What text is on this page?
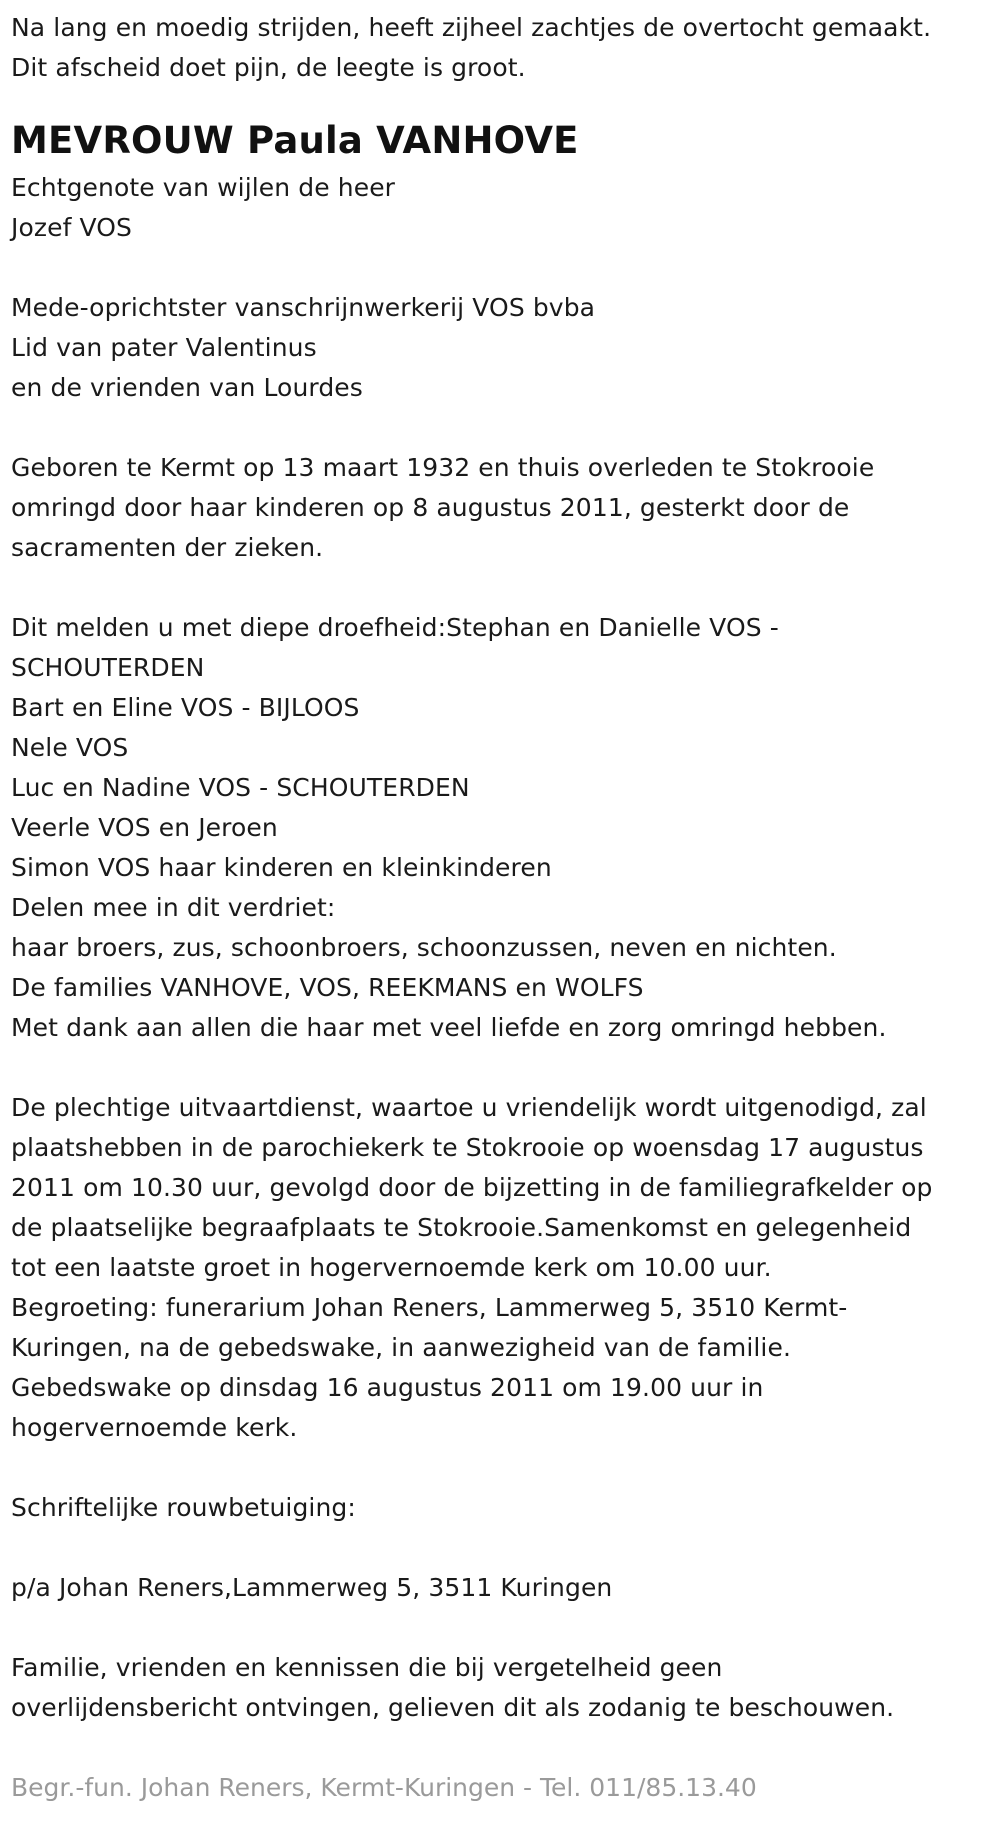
Na lang en moedig strijden, heeft zijheel zachtjes de overtocht gemaakt.
Dit afscheid doet pijn, de leegte is groot.
MEVROUW Paula VANHOVE
Echtgenote van wijlen de heer
Jozef VOS
Mede-oprichtster vanschrijnwerkerij VOS bvba
Lid van pater Valentinus
en de vrienden van Lourdes
Geboren te Kermt op 13 maart 1932 en thuis overleden te Stokrooie
omringd door haar kinderen op 8 augustus 2011, gesterkt door de
sacramenten der zieken.
Dit melden u met diepe droefheid:Stephan en Danielle VOS -
SCHOUTERDEN
Bart en Eline VOS - BIJLOOS
Nele VOS
Luc en Nadine VOS - SCHOUTERDEN
Veerle VOS en Jeroen
Simon VOS haar kinderen en kleinkinderen
Delen mee in dit verdriet:
haar broers, zus, schoonbroers, schoonzussen, neven en nichten.
De families VANHOVE, VOS, REEKMANS en WOLFS
Met dank aan allen die haar met veel liefde en zorg omringd hebben.
De plechtige uitvaartdienst, waartoe u vriendelijk wordt uitgenodigd, zal
plaatshebben in de parochiekerk te Stokrooie op woensdag 17 augustus
2011 om 10.30 uur, gevolgd door de bijzetting in de familiegrafkelder op
de plaatselijke begraafplaats te Stokrooie.Samenkomst en gelegenheid
tot een laatste groet in hogervernoemde kerk om 10.00 uur.
Begroeting: funerarium Johan Reners, Lammerweg 5, 3510 Kermt-
Kuringen, na de gebedswake, in aanwezigheid van de familie.
Gebedswake op dinsdag 16 augustus 2011 om 19.00 uur in
hogervernoemde kerk.
Schriftelijke rouwbetuiging:
p/a Johan Reners,Lammerweg 5, 3511 Kuringen
Familie, vrienden en kennissen die bij vergetelheid geen
overlijdensbericht ontvingen, gelieven dit als zodanig te beschouwen.
Begr.-fun. Johan Reners, Kermt-Kuringen - Tel. 011/85.13.40
